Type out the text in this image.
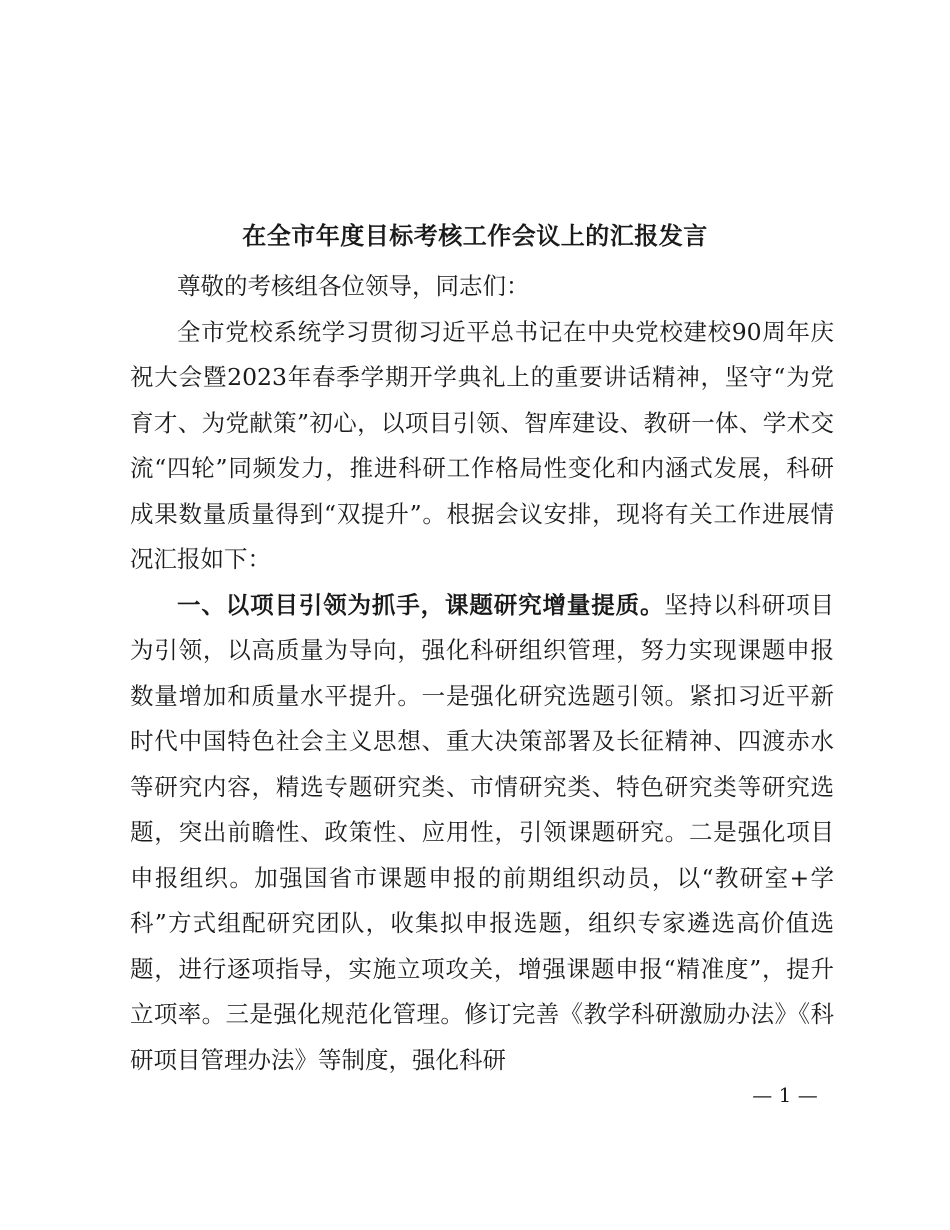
在全市年度目标考核工作会议上的汇报发言

尊敬的考核组各位领导，同志们：

全市党校系统学习贯彻习近平总书记在中央党校建校90周年庆祝大会暨2023年春季学期开学典礼上的重要讲话精神，坚守“为党育才、为党献策”初心，以项目引领、智库建设、教研一体、学术交流“四轮”同频发力，推进科研工作格局性变化和内涵式发展，科研成果数量质量得到“双提升”。根据会议安排，现将有关工作进展情况汇报如下：

一、以项目引领为抓手，课题研究增量提质。坚持以科研项目为引领，以高质量为导向，强化科研组织管理，努力实现课题申报数量增加和质量水平提升。一是强化研究选题引领。紧扣习近平新时代中国特色社会主义思想、重大决策部署及长征精神、四渡赤水等研究内容，精选专题研究类、市情研究类、特色研究类等研究选题，突出前瞻性、政策性、应用性，引领课题研究。二是强化项目申报组织。加强国省市课题申报的前期组织动员，以“教研室+学科”方式组配研究团队，收集拟申报选题，组织专家遴选高价值选题，进行逐项指导，实施立项攻关，增强课题申报“精准度”，提升立项率。三是强化规范化管理。修订完善《教学科研激励办法》《科研项目管理办法》等制度，强化科研

— 1 —
